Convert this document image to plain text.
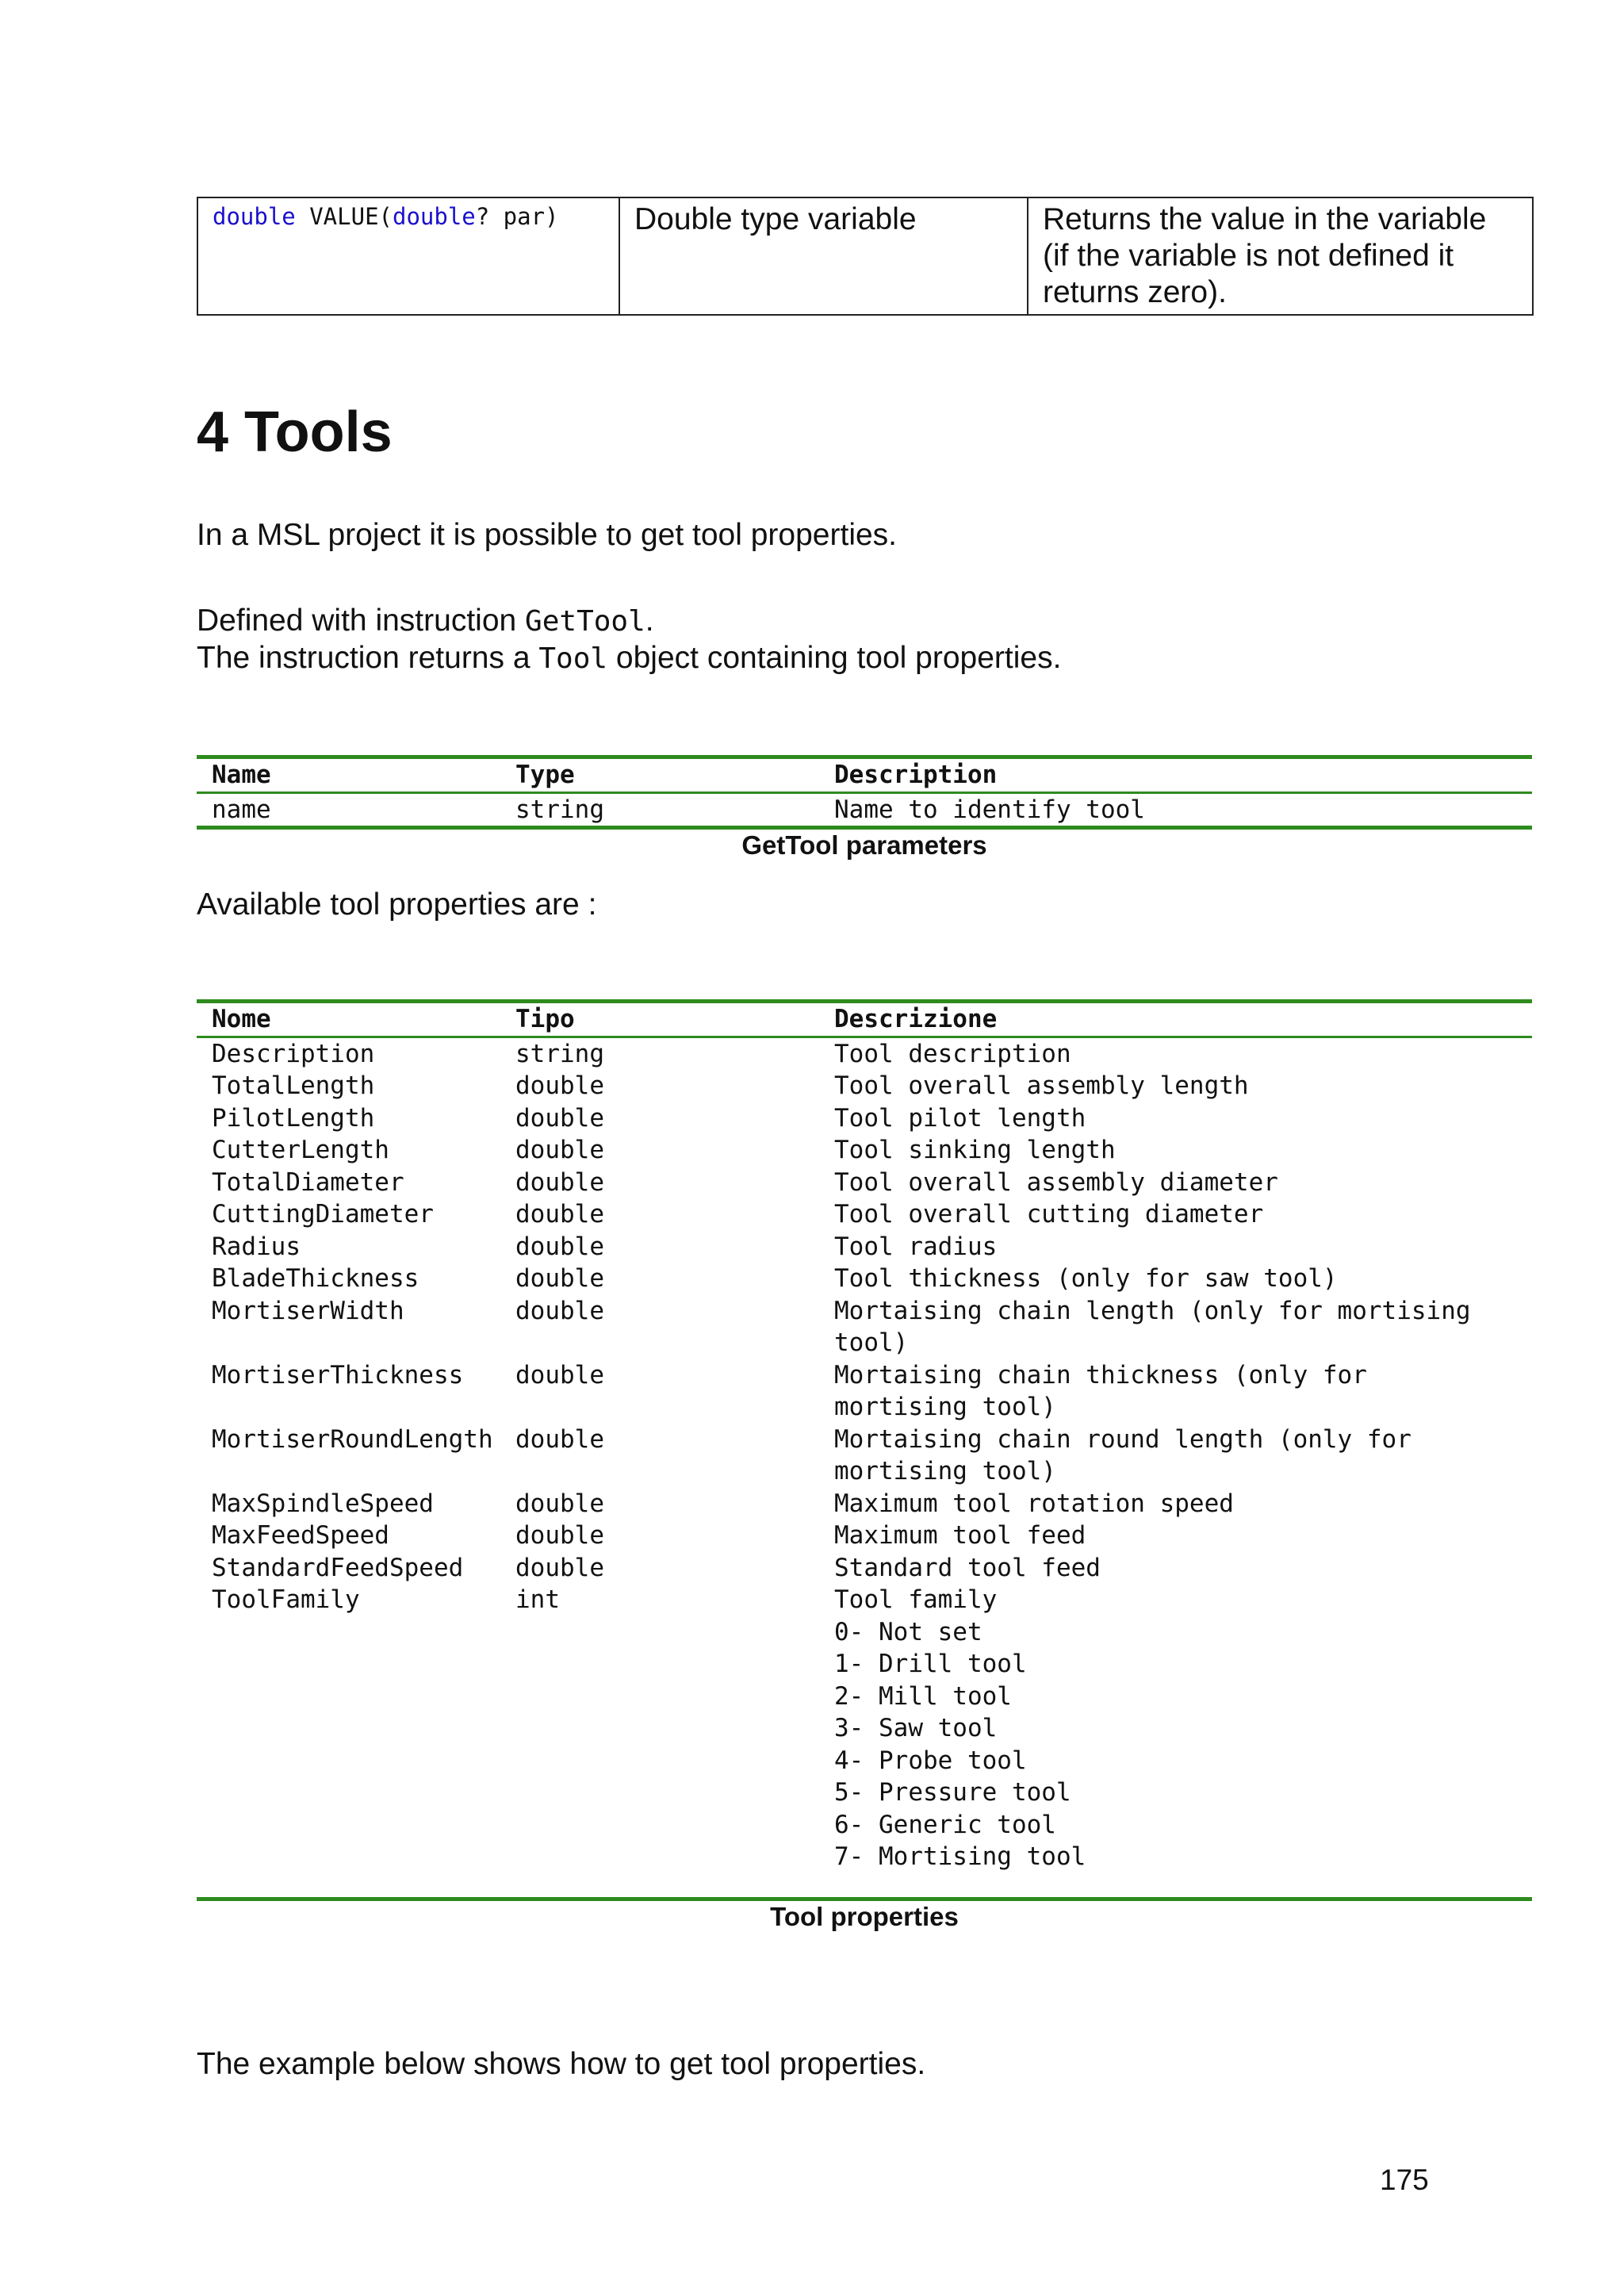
double VALUE(double? par)	Double type variable	Returns the value in the variable (if the variable is not defined it returns zero).
4 Tools

In a MSL project it is possible to get tool properties.

Defined with instruction GetTool.
The instruction returns a Tool object containing tool properties.

Name	Type	Description
name	string	Name to identify tool
GetTool parameters

Available tool properties are :

Nome	Tipo	Descrizione
Description	string	Tool description
TotalLength	double	Tool overall assembly length
PilotLength	double	Tool pilot length
CutterLength	double	Tool sinking length
TotalDiameter	double	Tool overall assembly diameter
CuttingDiameter	double	Tool overall cutting diameter
Radius	double	Tool radius
BladeThickness	double	Tool thickness (only for saw tool)
MortiserWidth	double	Mortaising chain length (only for mortising
tool)
MortiserThickness	double	Mortaising chain thickness (only for
mortising tool)
MortiserRoundLength double	Mortaising chain round length (only for
mortising tool)
MaxSpindleSpeed	double	Maximum tool rotation speed
MaxFeedSpeed	double	Maximum tool feed
StandardFeedSpeed	double	Standard tool feed
ToolFamily	int	Tool family
0- Not set
1- Drill tool
2- Mill tool
3- Saw tool
4- Probe tool
5- Pressure tool
6- Generic tool
7- Mortising tool
Tool properties

The example below shows how to get tool properties.

175
